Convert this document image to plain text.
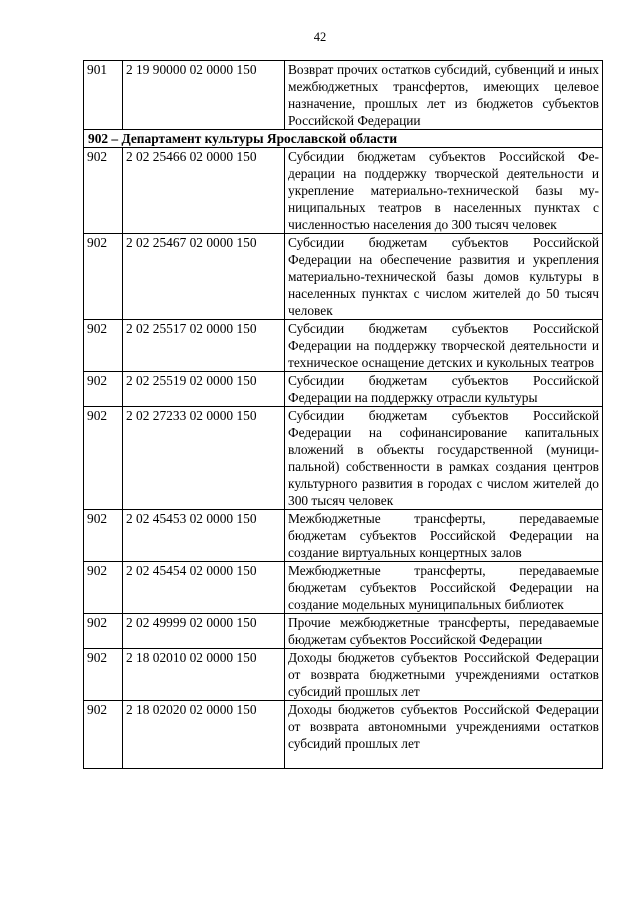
42
901	2 19 90000 02 0000 150	Возврат прочих остатков субсидий, субвенций и иных межбюджетных трансфертов, имеющих целевое назначение, прошлых лет из бюджетов субъектов Российской Федерации
902 – Департамент культуры Ярославской области		
902	2 02 25466 02 0000 150	Субсидии бюджетам субъектов Российской Федерации на поддержку творческой деятельности и укрепление материально-технической базы муниципальных театров в населенных пунктах с численностью населения до 300 тысяч человек
902	2 02 25467 02 0000 150	Субсидии бюджетам субъектов Российской Федерации на обеспечение развития и укрепления материально-технической базы домов культуры в населенных пунктах с числом жителей до 50 тысяч человек
902	2 02 25517 02 0000 150	Субсидии бюджетам субъектов Российской Федерации на поддержку творческой деятельности и техническое оснащение детских и кукольных театров
902	2 02 25519 02 0000 150	Субсидии бюджетам субъектов Российской Федерации на поддержку отрасли культуры
902	2 02 27233 02 0000 150	Субсидии бюджетам субъектов Российской Федерации на софинансирование капитальных вложений в объекты государственной (муниципальной) собственности в рамках создания центров культурного развития в городах с числом жителей до 300 тысяч человек
902	2 02 45453 02 0000 150	Межбюджетные трансферты, передаваемые бюджетам субъектов Российской Федерации на создание виртуальных концертных залов
902	2 02 45454 02 0000 150	Межбюджетные трансферты, передаваемые бюджетам субъектов Российской Федерации на создание модельных муниципальных библиотек
902	2 02 49999 02 0000 150	Прочие межбюджетные трансферты, передаваемые бюджетам субъектов Российской Федерации
902	2 18 02010 02 0000 150	Доходы бюджетов субъектов Российской Федерации от возврата бюджетными учреждениями остатков субсидий прошлых лет
902	2 18 02020 02 0000 150	Доходы бюджетов субъектов Российской Федерации от возврата автономными учреждениями остатков субсидий прошлых лет
